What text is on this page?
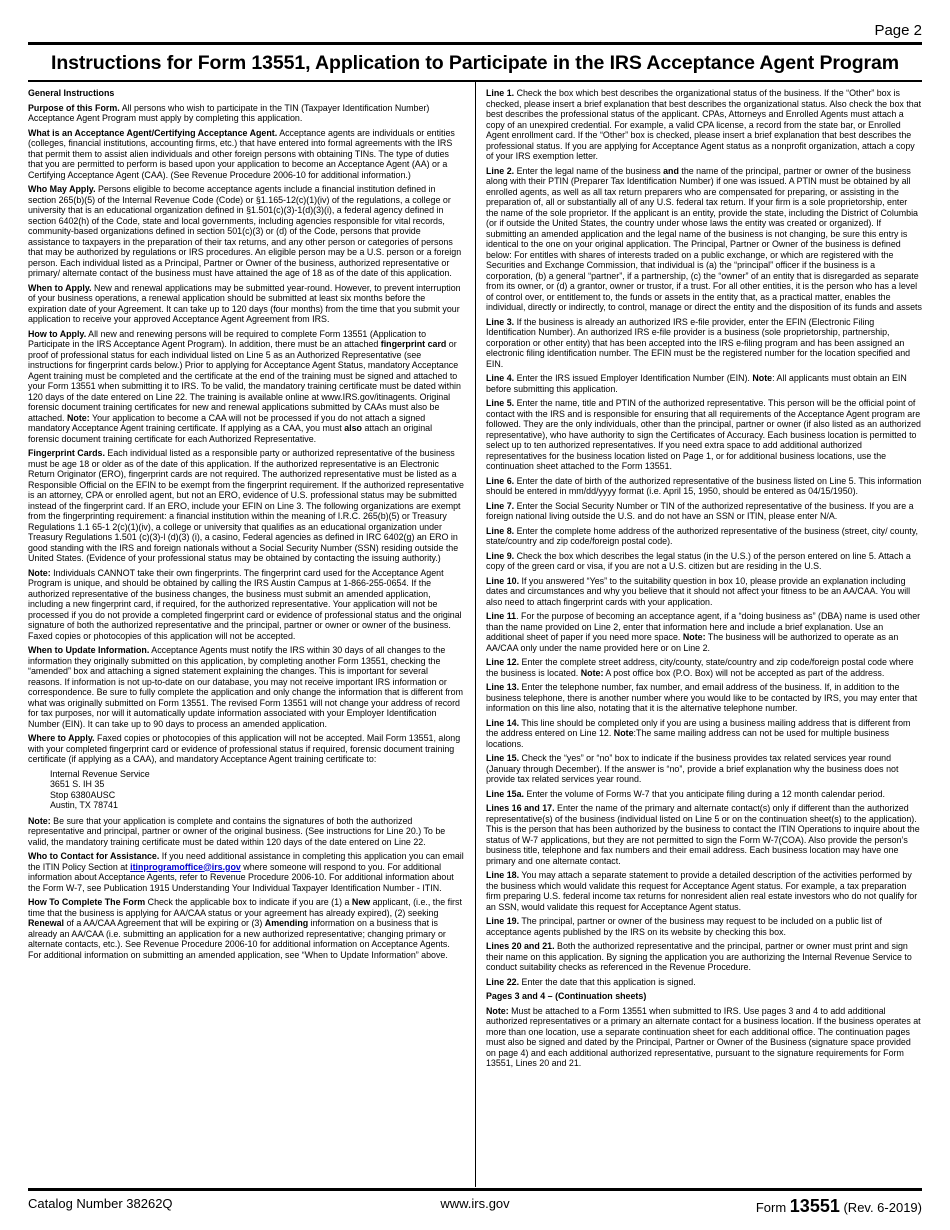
Page 2
Instructions for Form 13551, Application to Participate in the IRS Acceptance Agent Program
General Instructions

Purpose of this Form. All persons who wish to participate in the TIN (Taxpayer Identification Number) Acceptance Agent Program must apply by completing this application.

What is an Acceptance Agent/Certifying Acceptance Agent. Acceptance agents are individuals or entities (colleges, financial institutions, accounting firms, etc.) that have entered into formal agreements with the IRS that permit them to assist alien individuals and other foreign persons with obtaining TINs. The type of duties that you are permitted to perform is based upon your application to become an Acceptance Agent (AA) or a Certifying Acceptance Agent (CAA). (See Revenue Procedure 2006-10 for additional information.)

Who May Apply. Persons eligible to become acceptance agents include a financial institution defined in section 265(b)(5) of the Internal Revenue Code (Code) or §1.165-12(c)(1)(iv) of the regulations, a college or university that is an educational organization defined in §1.501(c)(3)-1(d)(3)(i), a federal agency defined in section 6402(h) of the Code, state and local governments, including agencies responsible for vital records, community-based organizations defined in section 501(c)(3) or (d) of the Code, persons that provide assistance to taxpayers in the preparation of their tax returns, and any other person or categories of persons that may be authorized by regulations or IRS procedures. An eligible person may be a U.S. person or a foreign person. Each individual listed as a Principal, Partner or Owner of the business, authorized representative or primary/ alternate contact of the business must have attained the age of 18 as of the date of this application.

When to Apply. New and renewal applications may be submitted year-round. However, to prevent interruption of your business operations, a renewal application should be submitted at least six months before the expiration date of your Agreement. It can take up to 120 days (four months) from the time that you submit your application to receive your approved Acceptance Agent Agreement from IRS.

How to Apply. All new and renewing persons will be required to complete Form 13551 (Application to Participate in the IRS Acceptance Agent Program). In addition, there must be an attached fingerprint card or proof of professional status for each individual listed on Line 5 as an Authorized Representative (see instructions for fingerprint cards below.) Prior to applying for Acceptance Agent Status, mandatory Acceptance Agent training must be completed and the certificate at the end of the training must be signed and attached to your Form 13551 when submitting it to IRS. To be valid, the mandatory training certificate must be dated within 120 days of the date entered on Line 22. The training is available online at www.IRS.gov/itinagents. Original forensic document training certificates for new and renewal applications submitted by CAAs must also be attached. Note: Your application to become a CAA will not be processed if you do not attach a signed mandatory Acceptance Agent training certificate. If applying as a CAA, you must also attach an original forensic document training certificate for each Authorized Representative.

Fingerprint Cards. Each individual listed as a responsible party or authorized representative of the business must be age 18 or older as of the date of this application. If the authorized representative is an Electronic Return Originator (ERO), fingerprint cards are not required. The authorized representative must be listed as a Responsible Official on the EFIN to be exempt from the fingerprint requirement. If the authorized representative is an attorney, CPA or enrolled agent, but not an ERO, evidence of U.S. professional status may be submitted instead of the fingerprint card. If an ERO, include your EFIN on Line 3. The following organizations are exempt from the fingerprinting requirement: a financial institution within the meaning of I.R.C. 265(b)(5) or Treasury Regulations 1.1 65-1 2(c)(1)(iv), a college or university that qualifies as an educational organization under Treasury Regulations 1.501 (c)(3)-l (d)(3) (i), a casino, Federal agencies as defined in IRC 6402(g) an ERO in good standing with the IRS and foreign nationals without a Social Security Number (SSN) residing outside the United States. (Evidence of your professional status may be obtained by contacting the issuing authority.)

Note: Individuals CANNOT take their own fingerprints. The fingerprint card used for the Acceptance Agent Program is unique, and should be obtained by calling the IRS Austin Campus at 1-866-255-0654. If the authorized representative of the business changes, the business must submit an amended application, including a new fingerprint card, if required, for the authorized representative. Your application will not be processed if you do not provide a completed fingerprint card or evidence of professional status and the original signature of both the authorized representative and the principal, partner or owner or owner of the business. Faxed copies or photocopies of this application will not be accepted.

When to Update Information. Acceptance Agents must notify the IRS within 30 days of all changes to the information they originally submitted on this application, by completing another Form 13551, checking the “amended” box and attaching a signed statement explaining the changes. This is important for several reasons. If information is not up-to-date on our database, you may not receive important IRS information or correspondence. Be sure to fully complete the application and only change the information that is different from what was originally submitted on Form 13551. The revised Form 13551 will not change your address of record for tax purposes, nor will it automatically update information associated with your Employer Identification Number (EIN). It can take up to 90 days to process an amended application.

Where to Apply. Faxed copies or photocopies of this application will not be accepted. Mail Form 13551, along with your completed fingerprint card or evidence of professional status if required, forensic document training certificate (if applying as a CAA), and mandatory Acceptance Agent training certificate to:

Internal Revenue Service
3651 S. IH 35
Stop 6380AUSC
Austin, TX 78741

Note: Be sure that your application is complete and contains the signatures of both the authorized representative and principal, partner or owner of the original business. (See instructions for Line 20.) To be valid, the mandatory training certificate must be dated within 120 days of the date entered on Line 22.

Who to Contact for Assistance. If you need additional assistance in completing this application you can email the ITIN Policy Section at itinprogramoffice@irs.gov where someone will respond to you. For additional information about Acceptance Agents, refer to Revenue Procedure 2006-10. For additional information about the Form W-7, see Publication 1915 Understanding Your Individual Taxpayer Identification Number - ITIN.

How To Complete The Form Check the applicable box to indicate if you are (1) a New applicant, (i.e., the first time that the business is applying for AA/CAA status or your agreement has already expired), (2) seeking Renewal of a AA/CAA Agreement that will be expiring or (3) Amending information on a business that is already an AA/CAA (i.e. submitting an application for a new authorized representative; changing primary or alternate contacts, etc.). See Revenue Procedure 2006-10 for additional information on Acceptance Agents. For additional information on submitting an amended application, see “When to Update Information” above.

Line 1. Check the box which best describes the organizational status of the business. If the “Other” box is checked, please insert a brief explanation that best describes the organizational status. Also check the box that best describes the professional status of the applicant. CPAs, Attorneys and Enrolled Agents must attach a copy of an unexpired credential. For example, a valid CPA license, a record from the state bar, or Enrolled Agent enrollment card. If the “Other” box is checked, please insert a brief explanation that best describes the professional status. If you are applying for Acceptance Agent status as a nonprofit organization, attach a copy of your IRS exemption letter.

Line 2. Enter the legal name of the business and the name of the principal, partner or owner of the business along with their PTIN (Preparer Tax Identification Number) if one was issued. A PTIN must be obtained by all enrolled agents, as well as all tax return preparers who are compensated for preparing, or assisting in the preparation of, all or substantially all of any U.S. federal tax return. If your firm is a sole proprietorship, enter the name of the sole proprietor. If the applicant is an entity, provide the state, including the District of Columbia (or if outside the United States, the country under whose laws the entity was created or organized). If submitting an amended application and the legal name of the business is not changing, be sure this entry is identical to the one on your original application. The Principal, Partner or Owner of the business is defined below: For entitles with shares of interests traded on a public exchange, or which are registered with the Securities and Exchange Commission, that individual is (a) the “principal” officer if the business is a corporation, (b) a general “partner”, if a partnership, (c) the “owner” of an entity that is disregarded as separate from its owner, or (d) a grantor, owner or trustor, if a trust. For all other entities, it is the person who has a level of control over, or entitlement to, the funds or assets in the entity that, as a practical matter, enables the individual, directly or indirectly, to control, manage or direct the entity and the disposition of its funds and assets

Line 3. If the business is already an authorized IRS e-file provider, enter the EFIN (Electronic Filing Identification Number). An authorized IRS e-file provider is a business (sole proprietorship, partnership, corporation or other entity) that has been accepted into the IRS e-filing program and has been assigned an electronic filing identification number. The EFIN must be the registered number for the location specified and EIN.

Line 4. Enter the IRS issued Employer Identification Number (EIN). Note: All applicants must obtain an EIN before submitting this application.

Line 5. Enter the name, title and PTIN of the authorized representative. This person will be the official point of contact with the IRS and is responsible for ensuring that all requirements of the Acceptance Agent program are followed. They are the only individuals, other than the principal, partner or owner (if also listed as an authorized representative), who have authority to sign the Certificates of Accuracy. Each business location is permitted to select up to ten authorized representatives. If you need extra space to add additional authorized representatives for the business location listed on Page 1, or for additional business locations, use the continuation sheet attached to the Form 13551.

Line 6. Enter the date of birth of the authorized representative of the business listed on Line 5. This information should be entered in mm/dd/yyyy format (i.e. April 15, 1950, should be entered as 04/15/1950).

Line 7. Enter the Social Security Number or TIN of the authorized representative of the business. If you are a foreign national living outside the U.S. and do not have an SSN or ITIN, please enter N/A.

Line 8. Enter the complete home address of the authorized representative of the business (street, city/ county, state/country and zip code/foreign postal code).

Line 9. Check the box which describes the legal status (in the U.S.) of the person entered on line 5. Attach a copy of the green card or visa, if you are not a U.S. citizen but are residing in the U.S.

Line 10. If you answered “Yes” to the suitability question in box 10, please provide an explanation including dates and circumstances and why you believe that it should not affect your fitness to be an AA/CAA. You will also need to attach fingerprint cards with your application.

Line 11. For the purpose of becoming an acceptance agent, if a “doing business as” (DBA) name is used other than the name provided on Line 2, enter that information here and include a brief explanation. Use an additional sheet of paper if you need more space. Note: The business will be authorized to operate as an AA/CAA only under the name provided here or on Line 2.

Line 12. Enter the complete street address, city/county, state/country and zip code/foreign postal code where the business is located. Note: A post office box (P.O. Box) will not be accepted as part of the address.

Line 13. Enter the telephone number, fax number, and email address of the business. If, in addition to the business telephone, there is another number where you would like to be contacted by IRS, you may enter that information on this line also, notating that it is the alternative telephone number.

Line 14. This line should be completed only if you are using a business mailing address that is different from the address entered on Line 12. Note:The same mailing address can not be used for multiple business locations.

Line 15. Check the “yes” or “no” box to indicate if the business provides tax related services year round (January through December). If the answer is “no”, provide a brief explanation why the business does not provide tax related services year round.

Line 15a. Enter the volume of Forms W-7 that you anticipate filing during a 12 month calendar period.

Lines 16 and 17. Enter the name of the primary and alternate contact(s) only if different than the authorized representative(s) of the business (individual listed on Line 5 or on the continuation sheet(s) to the application). This is the person that has been authorized by the business to contact the ITIN Operations to inquire about the status of W-7 applications, but they are not permitted to sign the Form W-7(COA). Also provide the person’s business title, telephone and fax numbers and their email address. Each business location may have one primary and one alternate contact.

Line 18. You may attach a separate statement to provide a detailed description of the activities performed by the business which would validate this request for Acceptance Agent status. For example, a tax preparation firm preparing U.S. federal income tax returns for nonresident alien real estate investors who do not qualify for an SSN, would validate this request for Acceptance Agent status.

Line 19. The principal, partner or owner of the business may request to be included on a public list of acceptance agents published by the IRS on its website by checking this box.

Lines 20 and 21. Both the authorized representative and the principal, partner or owner must print and sign their name on this application. By signing the application you are authorizing the Internal Revenue Service to conduct suitability checks as referenced in the Revenue Procedure.

Line 22. Enter the date that this application is signed.

Pages 3 and 4 – (Continuation sheets)

Note: Must be attached to a Form 13551 when submitted to IRS. Use pages 3 and 4 to add additional authorized representatives or a primary an alternate contact for a business location. If the business operates at more than one location, use a separate continuation sheet for each additional office. The continuation pages must also be signed and dated by the Principal, Partner or Owner of the Business (signature space provided on page 4) and each additional authorized representative, pursuant to the signature requirements for Form 13551, Lines 20 and 21.

Catalog Number 38262Q	www.irs.gov	Form 13551 (Rev. 6-2019)
